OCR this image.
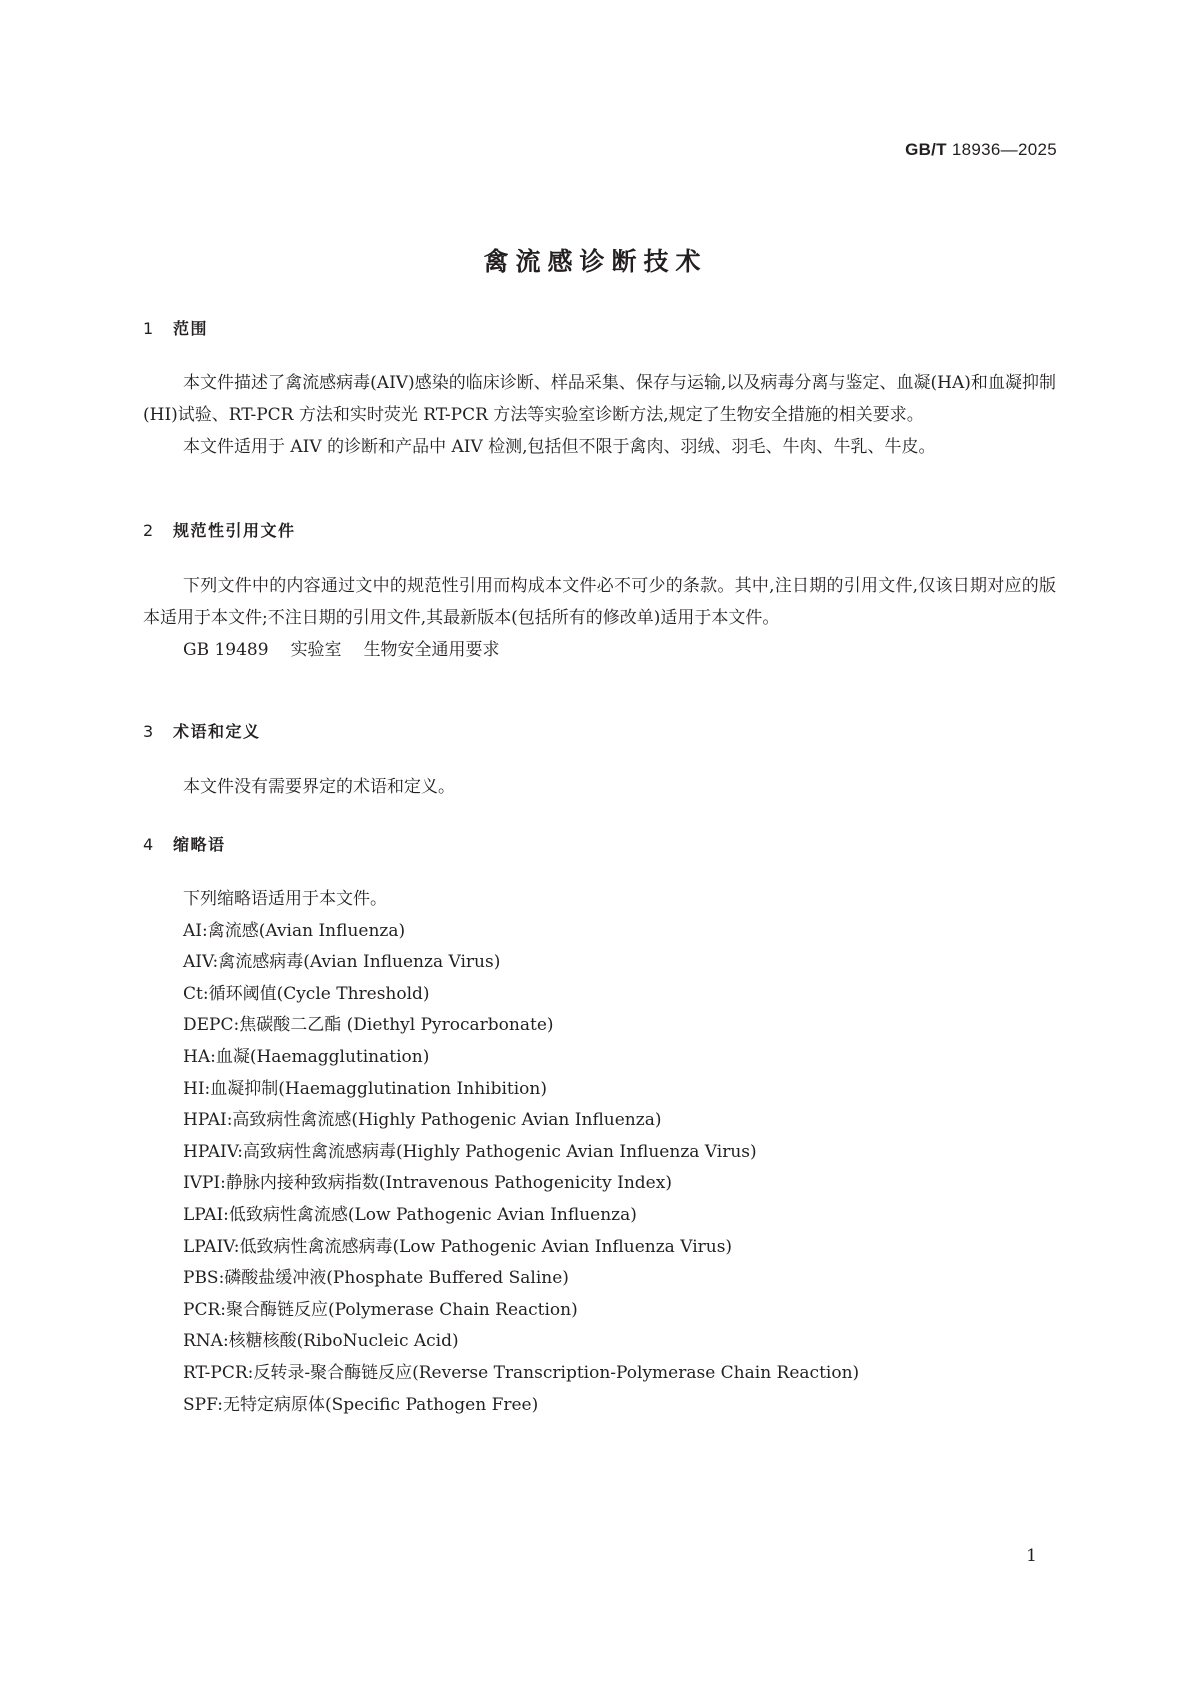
GB/T 18936—2025
禽流感诊断技术
1 范围

本文件描述了禽流感病毒(AIV)感染的临床诊断、样品采集、保存与运输,以及病毒分离与鉴定、血凝(HA)和血凝抑制(HI)试验、RT-PCR 方法和实时荧光 RT-PCR 方法等实验室诊断方法,规定了生物安全措施的相关要求。

本文件适用于 AIV 的诊断和产品中 AIV 检测,包括但不限于禽肉、羽绒、羽毛、牛肉、牛乳、牛皮。

2 规范性引用文件

下列文件中的内容通过文中的规范性引用而构成本文件必不可少的条款。其中,注日期的引用文件,仅该日期对应的版本适用于本文件;不注日期的引用文件,其最新版本(包括所有的修改单)适用于本文件。

GB 19489 实验室 生物安全通用要求

3 术语和定义

本文件没有需要界定的术语和定义。

4 缩略语

下列缩略语适用于本文件。

AI:禽流感(Avian Influenza)

AIV:禽流感病毒(Avian Influenza Virus)

Ct:循环阈值(Cycle Threshold)

DEPC:焦碳酸二乙酯 (Diethyl Pyrocarbonate)

HA:血凝(Haemagglutination)

HI:血凝抑制(Haemagglutination Inhibition)

HPAI:高致病性禽流感(Highly Pathogenic Avian Influenza)

HPAIV:高致病性禽流感病毒(Highly Pathogenic Avian Influenza Virus)

IVPI:静脉内接种致病指数(Intravenous Pathogenicity Index)

LPAI:低致病性禽流感(Low Pathogenic Avian Influenza)

LPAIV:低致病性禽流感病毒(Low Pathogenic Avian Influenza Virus)

PBS:磷酸盐缓冲液(Phosphate Buffered Saline)

PCR:聚合酶链反应(Polymerase Chain Reaction)

RNA:核糖核酸(RiboNucleic Acid)

RT-PCR:反转录-聚合酶链反应(Reverse Transcription-Polymerase Chain Reaction)

SPF:无特定病原体(Specific Pathogen Free)

1
